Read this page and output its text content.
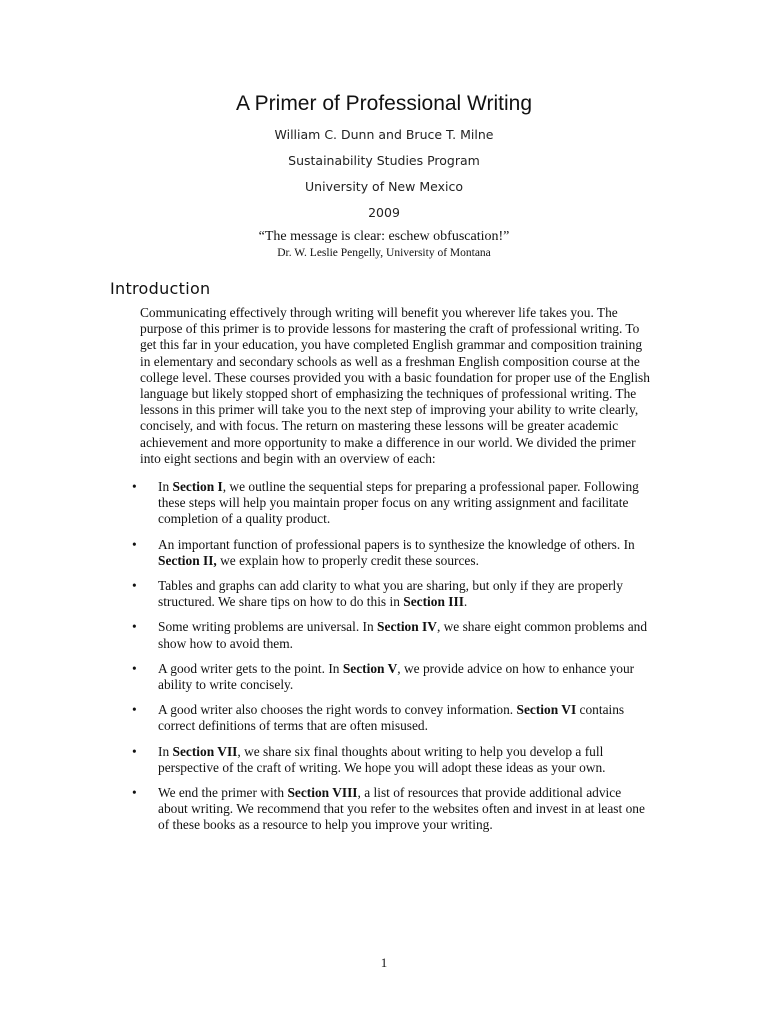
A Primer of Professional Writing
William C. Dunn and Bruce T. Milne
Sustainability Studies Program
University of New Mexico
2009
“The message is clear: eschew obfuscation!”
Dr. W. Leslie Pengelly, University of Montana
Introduction

Communicating effectively through writing will benefit you wherever life takes you. The purpose of this primer is to provide lessons for mastering the craft of professional writing. To get this far in your education, you have completed English grammar and composition training in elementary and secondary schools as well as a freshman English composition course at the college level. These courses provided you with a basic foundation for proper use of the English language but likely stopped short of emphasizing the techniques of professional writing. The lessons in this primer will take you to the next step of improving your ability to write clearly, concisely, and with focus. The return on mastering these lessons will be greater academic achievement and more opportunity to make a difference in our world. We divided the primer into eight sections and begin with an overview of each:

• In Section I, we outline the sequential steps for preparing a professional paper. Following these steps will help you maintain proper focus on any writing assignment and facilitate completion of a quality product.
• An important function of professional papers is to synthesize the knowledge of others. In Section II, we explain how to properly credit these sources.
• Tables and graphs can add clarity to what you are sharing, but only if they are properly structured. We share tips on how to do this in Section III.
• Some writing problems are universal. In Section IV, we share eight common problems and show how to avoid them.
• A good writer gets to the point. In Section V, we provide advice on how to enhance your ability to write concisely.
• A good writer also chooses the right words to convey information. Section VI contains correct definitions of terms that are often misused.
• In Section VII, we share six final thoughts about writing to help you develop a full perspective of the craft of writing. We hope you will adopt these ideas as your own.
• We end the primer with Section VIII, a list of resources that provide additional advice about writing. We recommend that you refer to the websites often and invest in at least one of these books as a resource to help you improve your writing.
1
